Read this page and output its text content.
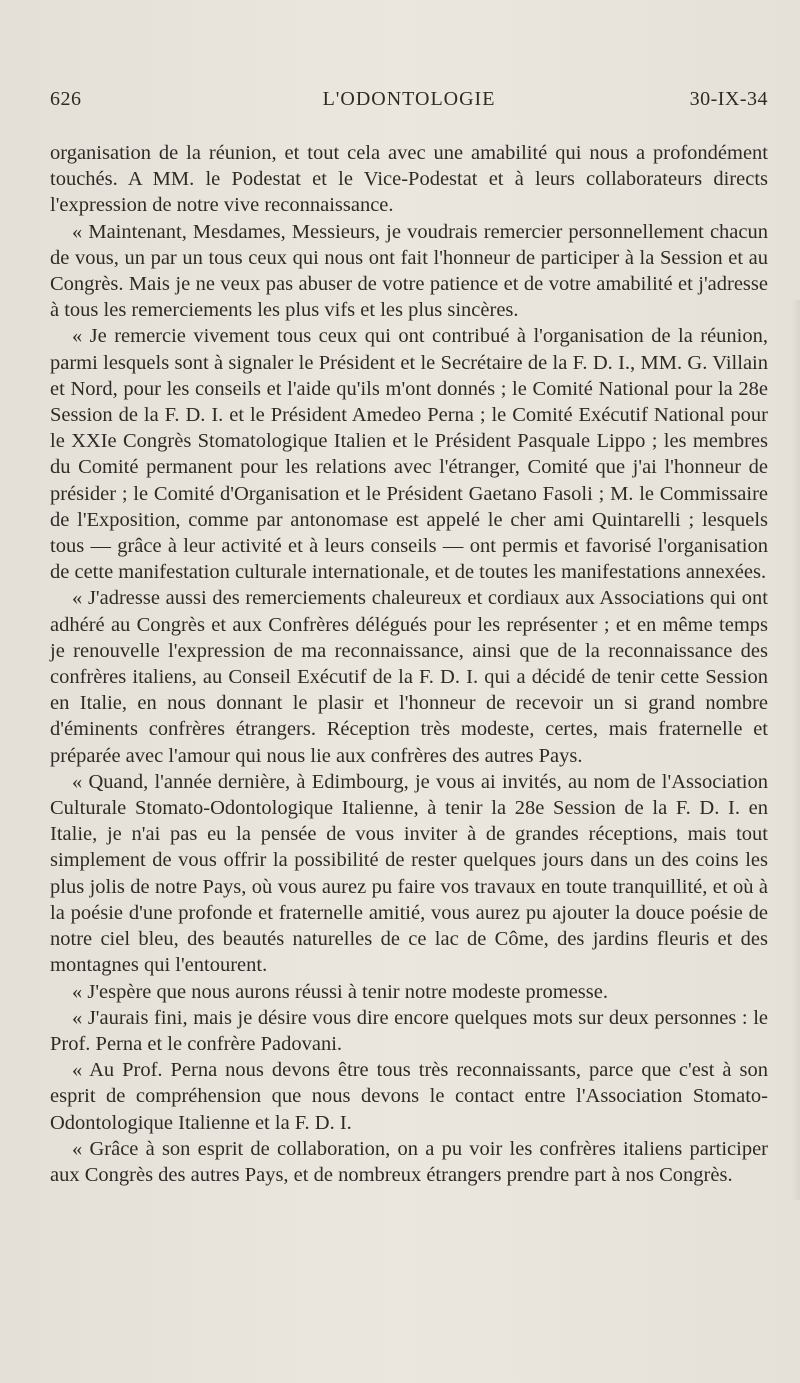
626	L'ODONTOLOGIE	30-IX-34

organisation de la réunion, et tout cela avec une amabilité qui nous a profondément touchés. A MM. le Podestat et le Vice-Podestat et à leurs collaborateurs directs l'expression de notre vive reconnaissance.

« Maintenant, Mesdames, Messieurs, je voudrais remercier personnellement chacun de vous, un par un tous ceux qui nous ont fait l'honneur de participer à la Session et au Congrès. Mais je ne veux pas abuser de votre patience et de votre amabilité et j'adresse à tous les remerciements les plus vifs et les plus sincères.

« Je remercie vivement tous ceux qui ont contribué à l'organisation de la réunion, parmi lesquels sont à signaler le Président et le Secrétaire de la F. D. I., MM. G. Villain et Nord, pour les conseils et l'aide qu'ils m'ont donnés ; le Comité National pour la 28e Session de la F. D. I. et le Président Amedeo Perna ; le Comité Exécutif National pour le XXIe Congrès Stomatologique Italien et le Président Pasquale Lippo ; les membres du Comité permanent pour les relations avec l'étranger, Comité que j'ai l'honneur de présider ; le Comité d'Organisation et le Président Gaetano Fasoli ; M. le Commissaire de l'Exposition, comme par antonomase est appelé le cher ami Quintarelli ; lesquels tous — grâce à leur activité et à leurs conseils — ont permis et favorisé l'organisation de cette manifestation culturale internationale, et de toutes les manifestations annexées.

« J'adresse aussi des remerciements chaleureux et cordiaux aux Associations qui ont adhéré au Congrès et aux Confrères délégués pour les représenter ; et en même temps je renouvelle l'expression de ma reconnaissance, ainsi que de la reconnaissance des confrères italiens, au Conseil Exécutif de la F. D. I. qui a décidé de tenir cette Session en Italie, en nous donnant le plasir et l'honneur de recevoir un si grand nombre d'éminents confrères étrangers. Réception très modeste, certes, mais fraternelle et préparée avec l'amour qui nous lie aux confrères des autres Pays.

« Quand, l'année dernière, à Edimbourg, je vous ai invités, au nom de l'Association Culturale Stomato-Odontologique Italienne, à tenir la 28e Session de la F. D. I. en Italie, je n'ai pas eu la pensée de vous inviter à de grandes réceptions, mais tout simplement de vous offrir la possibilité de rester quelques jours dans un des coins les plus jolis de notre Pays, où vous aurez pu faire vos travaux en toute tranquillité, et où à la poésie d'une profonde et fraternelle amitié, vous aurez pu ajouter la douce poésie de notre ciel bleu, des beautés naturelles de ce lac de Côme, des jardins fleuris et des montagnes qui l'entourent.

« J'espère que nous aurons réussi à tenir notre modeste promesse.

« J'aurais fini, mais je désire vous dire encore quelques mots sur deux personnes : le Prof. Perna et le confrère Padovani.

« Au Prof. Perna nous devons être tous très reconnaissants, parce que c'est à son esprit de compréhension que nous devons le contact entre l'Association Stomato-Odontologique Italienne et la F. D. I.

« Grâce à son esprit de collaboration, on a pu voir les confrères italiens participer aux Congrès des autres Pays, et de nombreux étrangers prendre part à nos Congrès.
